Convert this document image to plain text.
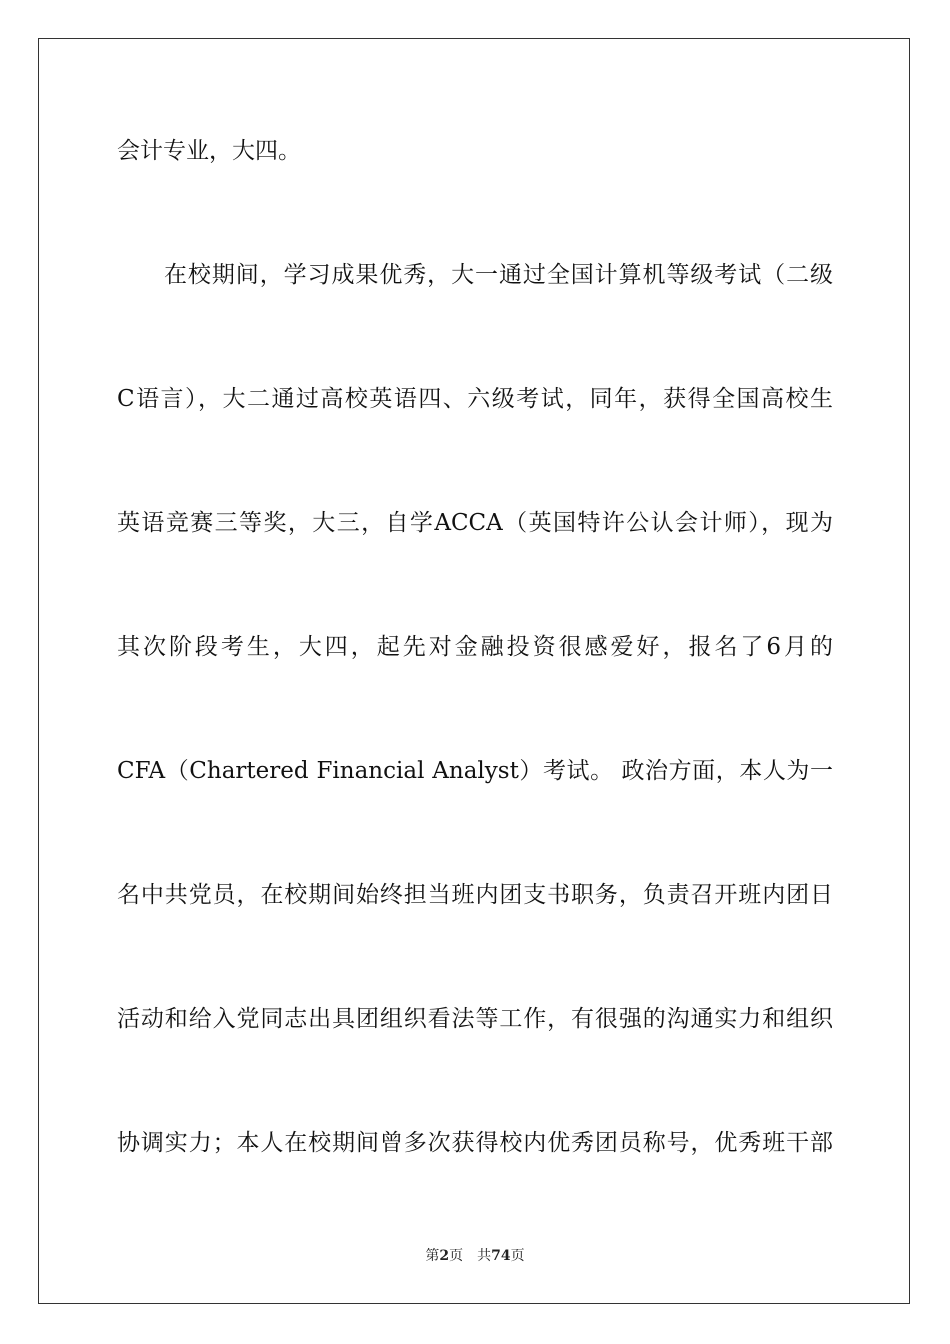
会计专业，大四。
在校期间，学习成果优秀，大一通过全国计算机等级考试（二级
C语言），大二通过高校英语四、六级考试，同年，获得全国高校生
英语竞赛三等奖，大三，自学ACCA（英国特许公认会计师），现为
其次阶段考生，大四，起先对金融投资很感爱好，报名了6月的
CFA（Chartered Financial Analyst）考试。 政治方面，本人为一
名中共党员，在校期间始终担当班内团支书职务，负责召开班内团日
活动和给入党同志出具团组织看法等工作，有很强的沟通实力和组织
协调实力；本人在校期间曾多次获得校内优秀团员称号，优秀班干部
第2页 共74页
